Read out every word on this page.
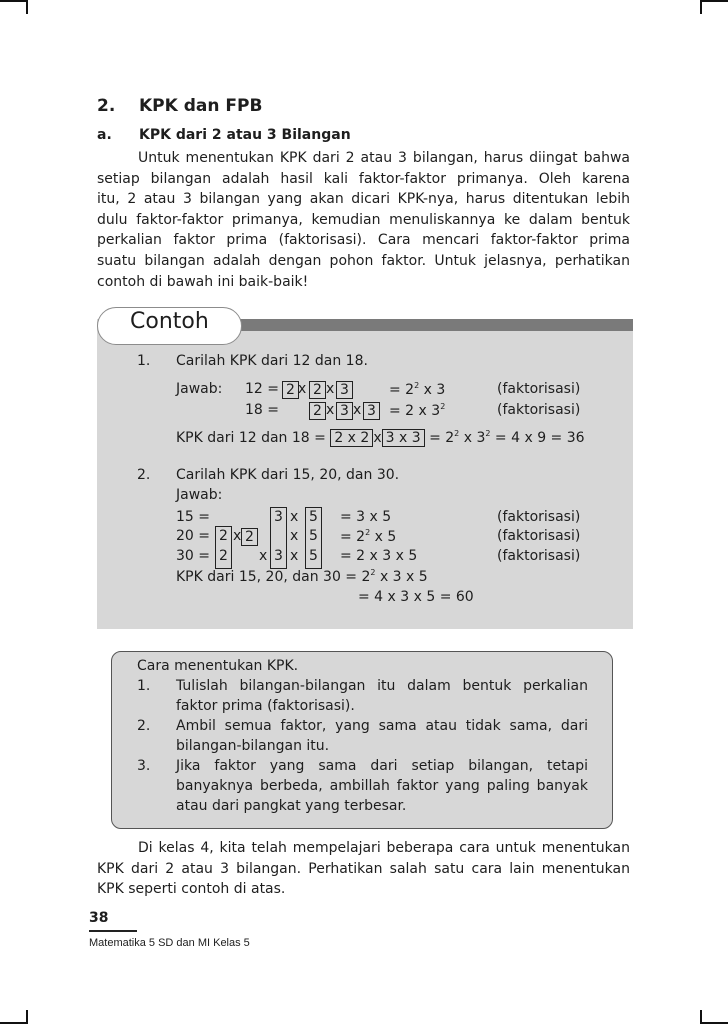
2. KPK dan FPB
a. KPK dari 2 atau 3 Bilangan

Untuk menentukan KPK dari 2 atau 3 bilangan, harus diingat bahwa

setiap bilangan adalah hasil kali faktor-faktor primanya. Oleh karena

itu, 2 atau 3 bilangan yang akan dicari KPK-nya, harus ditentukan lebih

dulu faktor-faktor primanya, kemudian menuliskannya ke dalam bentuk

perkalian faktor prima (faktorisasi). Cara mencari faktor-faktor prima

suatu bilangan adalah dengan pohon faktor. Untuk jelasnya, perhatikan

contoh di bawah ini baik-baik!

Contoh
1. Carilah KPK dari 12 dan 18.
Jawab: 12 = 2 x 2 x 3	= $2^2$ x 3	(faktorisasi)
18 = 2 x 3 x 3 = 2 x $3^2$	(faktorisasi)
KPK dari 12 dan 18 = 2 x 2 x 3 x $3 = 2^2$ x $3^2 = 4$ x 9 = 36
2. Carilah KPK dari 15, 20, dan 30.
Jawab:
15 =	3 x 5 = 3 x 5	(faktorisasi)
20 = 2 x 2	x $5 = 2^2$ x 5	(faktorisasi)
30 = 2 x 3 x 5 = 2 x 3 x 5	(faktorisasi)
KPK dari 15, 20, dan $30 = 2^2$ x 3 x 5
= 4 x 3 x 5 = 60
Cara menentukan KPK.
1. Tulislah bilangan-bilangan itu dalam bentuk perkalian
faktor prima (faktorisasi).
2. Ambil semua faktor, yang sama atau tidak sama, dari
bilangan-bilangan itu.
3. Jika faktor yang sama dari setiap bilangan, tetapi
banyaknya berbeda, ambillah faktor yang paling banyak
atau dari pangkat yang terbesar.

Di kelas 4, kita telah mempelajari beberapa cara untuk menentukan

KPK dari 2 atau 3 bilangan. Perhatikan salah satu cara lain menentukan

KPK seperti contoh di atas.

38
Matematika 5 SD dan MI Kelas 5
